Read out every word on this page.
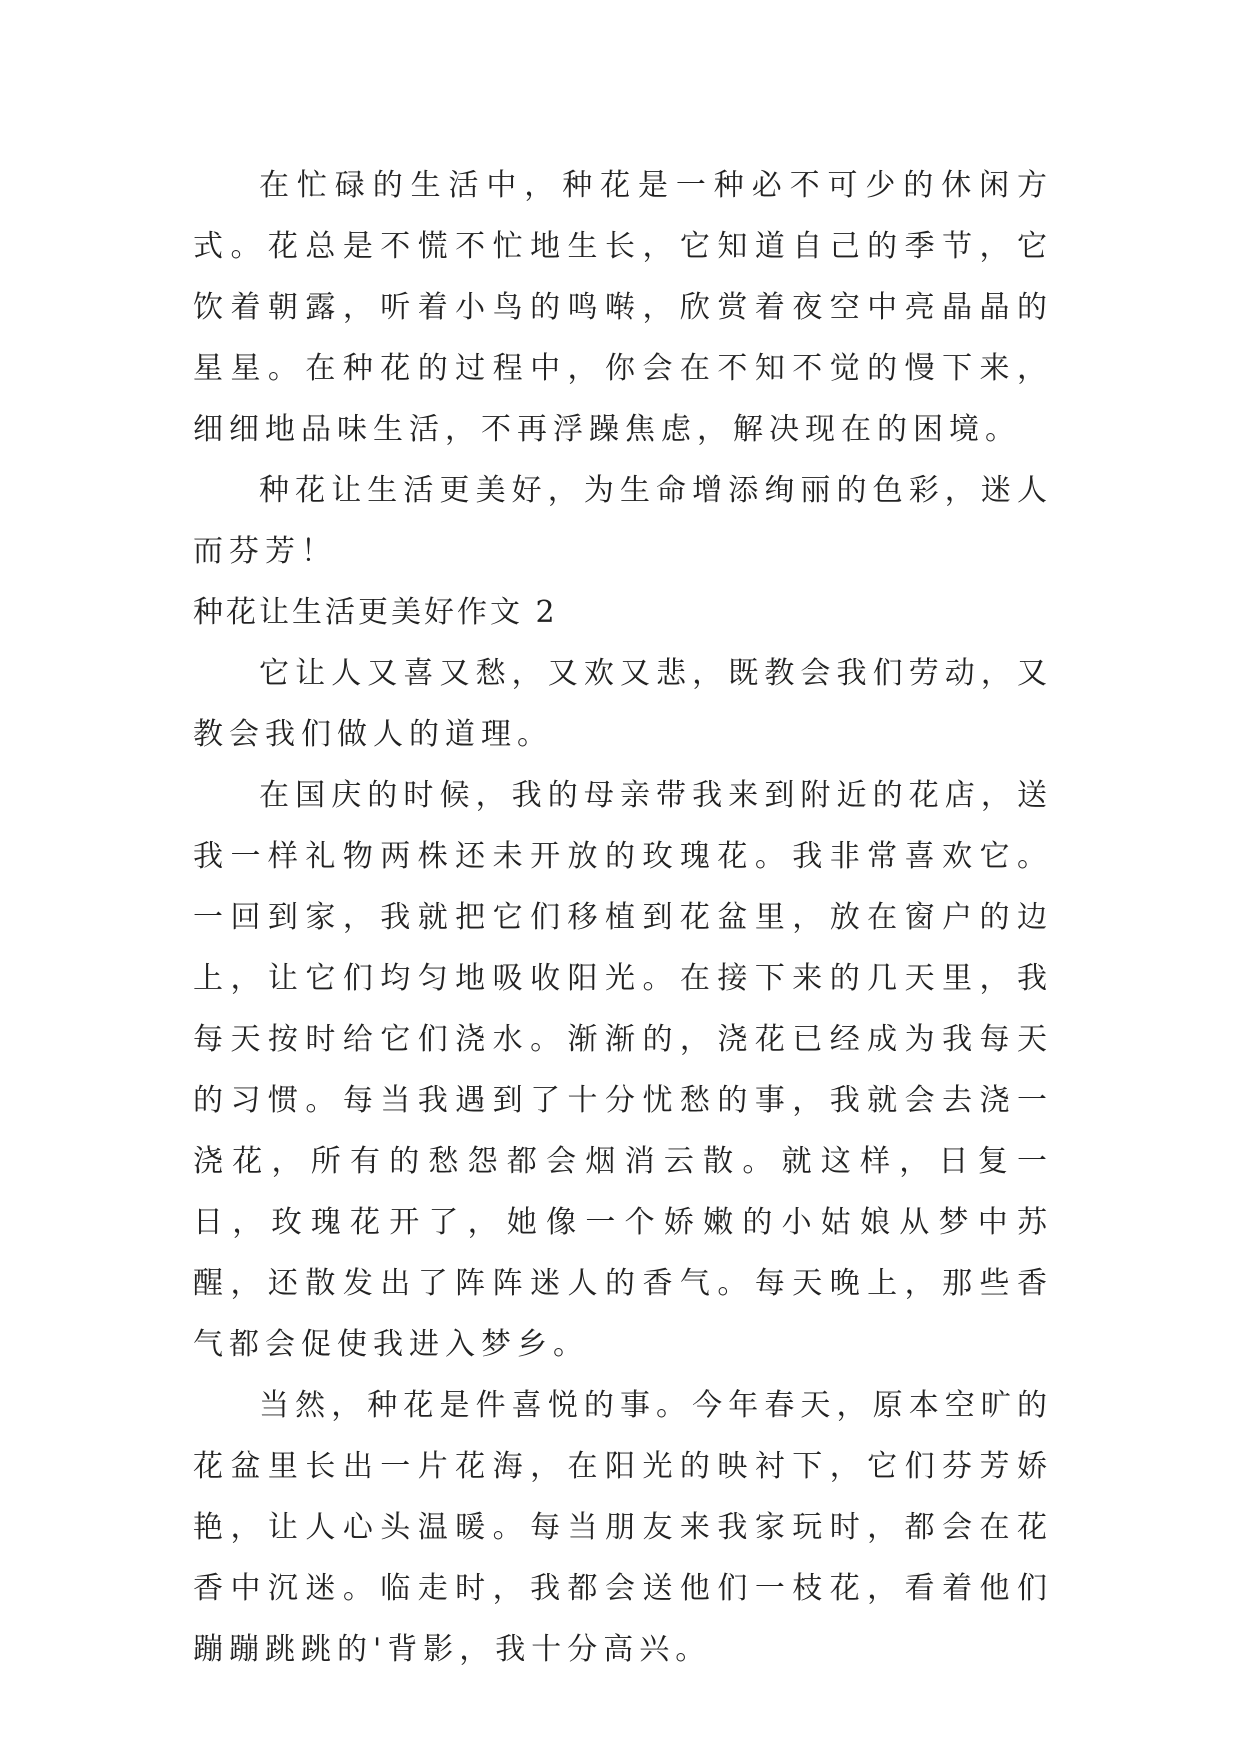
在忙碌的生活中，种花是一种必不可少的休闲方式。花总是不慌不忙地生长，它知道自己的季节，它饮着朝露，听着小鸟的鸣啭，欣赏着夜空中亮晶晶的星星。在种花的过程中，你会在不知不觉的慢下来，细细地品味生活，不再浮躁焦虑，解决现在的困境。

种花让生活更美好，为生命增添绚丽的色彩，迷人而芬芳！

种花让生活更美好作文 2

它让人又喜又愁，又欢又悲，既教会我们劳动，又教会我们做人的道理。

在国庆的时候，我的母亲带我来到附近的花店，送我一样礼物两株还未开放的玫瑰花。我非常喜欢它。一回到家，我就把它们移植到花盆里，放在窗户的边上，让它们均匀地吸收阳光。在接下来的几天里，我每天按时给它们浇水。渐渐的，浇花已经成为我每天的习惯。每当我遇到了十分忧愁的事，我就会去浇一浇花，所有的愁怨都会烟消云散。就这样，日复一日，玫瑰花开了，她像一个娇嫩的小姑娘从梦中苏醒，还散发出了阵阵迷人的香气。每天晚上，那些香气都会促使我进入梦乡。

当然，种花是件喜悦的事。今年春天，原本空旷的花盆里长出一片花海，在阳光的映衬下，它们芬芳娇艳，让人心头温暖。每当朋友来我家玩时，都会在花香中沉迷。临走时，我都会送他们一枝花，看着他们蹦蹦跳跳的'背影，我十分高兴。
